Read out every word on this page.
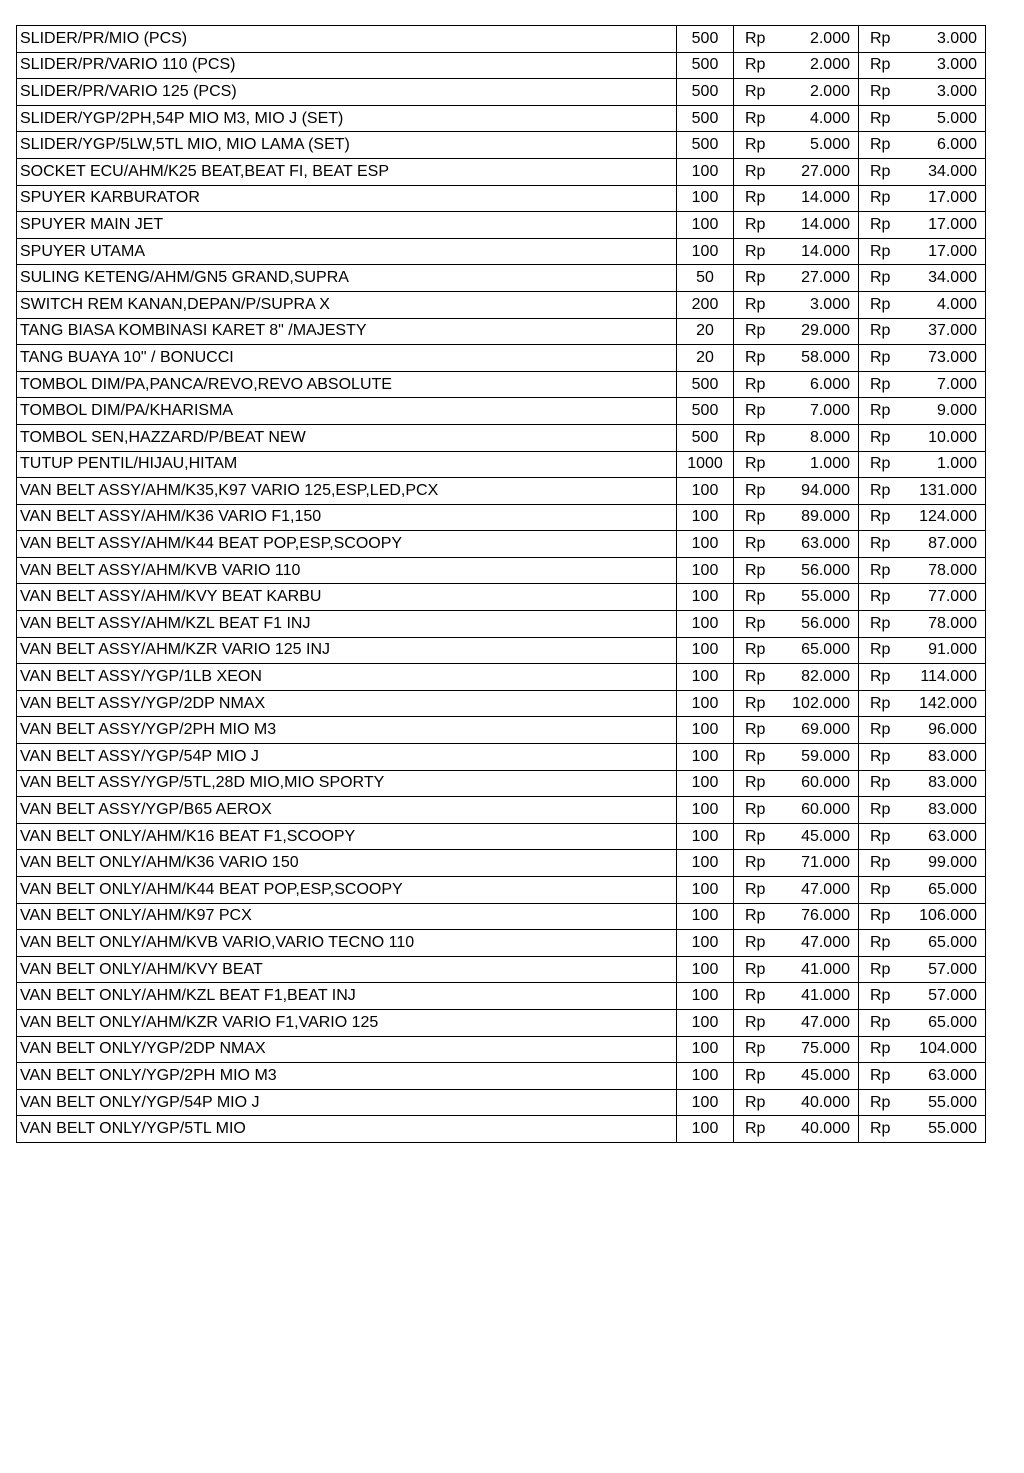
SLIDER/PR/MIO (PCS)	500	Rp	2.000	Rp	3.000
SLIDER/PR/VARIO 110 (PCS)	500	Rp	2.000	Rp	3.000
SLIDER/PR/VARIO 125 (PCS)	500	Rp	2.000	Rp	3.000
SLIDER/YGP/2PH,54P MIO M3, MIO J (SET)	500	Rp	4.000	Rp	5.000
SLIDER/YGP/5LW,5TL MIO, MIO LAMA (SET)	500	Rp	5.000	Rp	6.000
SOCKET ECU/AHM/K25 BEAT,BEAT FI, BEAT ESP	100	Rp	27.000	Rp	34.000
SPUYER KARBURATOR	100	Rp	14.000	Rp	17.000
SPUYER MAIN JET	100	Rp	14.000	Rp	17.000
SPUYER UTAMA	100	Rp	14.000	Rp	17.000
SULING KETENG/AHM/GN5 GRAND,SUPRA	50	Rp	27.000	Rp	34.000
SWITCH REM KANAN,DEPAN/P/SUPRA X	200	Rp	3.000	Rp	4.000
TANG BIASA KOMBINASI KARET 8" /MAJESTY	20	Rp	29.000	Rp	37.000
TANG BUAYA 10" / BONUCCI	20	Rp	58.000	Rp	73.000
TOMBOL DIM/PA,PANCA/REVO,REVO ABSOLUTE	500	Rp	6.000	Rp	7.000
TOMBOL DIM/PA/KHARISMA	500	Rp	7.000	Rp	9.000
TOMBOL SEN,HAZZARD/P/BEAT NEW	500	Rp	8.000	Rp	10.000
TUTUP PENTIL/HIJAU,HITAM	1000	Rp	1.000	Rp	1.000
VAN BELT ASSY/AHM/K35,K97 VARIO 125,ESP,LED,PCX	100	Rp	94.000	Rp	131.000
VAN BELT ASSY/AHM/K36 VARIO F1,150	100	Rp	89.000	Rp	124.000
VAN BELT ASSY/AHM/K44 BEAT POP,ESP,SCOOPY	100	Rp	63.000	Rp	87.000
VAN BELT ASSY/AHM/KVB VARIO 110	100	Rp	56.000	Rp	78.000
VAN BELT ASSY/AHM/KVY BEAT KARBU	100	Rp	55.000	Rp	77.000
VAN BELT ASSY/AHM/KZL BEAT F1 INJ	100	Rp	56.000	Rp	78.000
VAN BELT ASSY/AHM/KZR VARIO 125 INJ	100	Rp	65.000	Rp	91.000
VAN BELT ASSY/YGP/1LB XEON	100	Rp	82.000	Rp	114.000
VAN BELT ASSY/YGP/2DP NMAX	100	Rp	102.000	Rp	142.000
VAN BELT ASSY/YGP/2PH MIO M3	100	Rp	69.000	Rp	96.000
VAN BELT ASSY/YGP/54P MIO J	100	Rp	59.000	Rp	83.000
VAN BELT ASSY/YGP/5TL,28D MIO,MIO SPORTY	100	Rp	60.000	Rp	83.000
VAN BELT ASSY/YGP/B65 AEROX	100	Rp	60.000	Rp	83.000
VAN BELT ONLY/AHM/K16 BEAT F1,SCOOPY	100	Rp	45.000	Rp	63.000
VAN BELT ONLY/AHM/K36 VARIO 150	100	Rp	71.000	Rp	99.000
VAN BELT ONLY/AHM/K44 BEAT POP,ESP,SCOOPY	100	Rp	47.000	Rp	65.000
VAN BELT ONLY/AHM/K97 PCX	100	Rp	76.000	Rp	106.000
VAN BELT ONLY/AHM/KVB VARIO,VARIO TECNO 110	100	Rp	47.000	Rp	65.000
VAN BELT ONLY/AHM/KVY BEAT	100	Rp	41.000	Rp	57.000
VAN BELT ONLY/AHM/KZL BEAT F1,BEAT INJ	100	Rp	41.000	Rp	57.000
VAN BELT ONLY/AHM/KZR VARIO F1,VARIO 125	100	Rp	47.000	Rp	65.000
VAN BELT ONLY/YGP/2DP NMAX	100	Rp	75.000	Rp	104.000
VAN BELT ONLY/YGP/2PH MIO M3	100	Rp	45.000	Rp	63.000
VAN BELT ONLY/YGP/54P MIO J	100	Rp	40.000	Rp	55.000
VAN BELT ONLY/YGP/5TL MIO	100	Rp	40.000	Rp	55.000
